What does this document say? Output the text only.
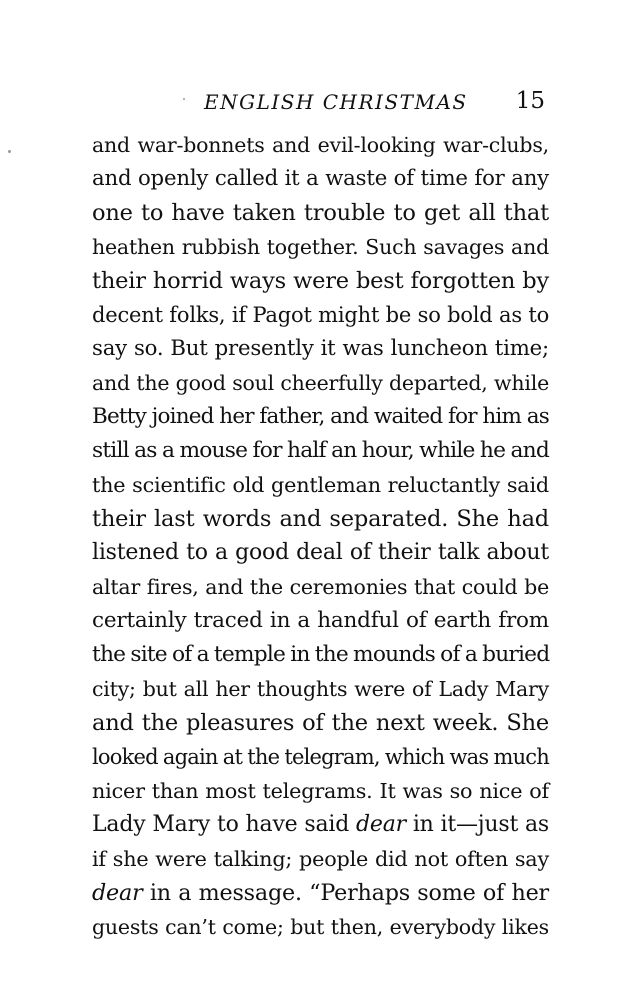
ENGLISH CHRISTMAS 15
and war-bonnets and evil-looking war-clubs,
and openly called it a waste of time for any
one to have taken trouble to get all that
heathen rubbish together. Such savages and
their horrid ways were best forgotten by
decent folks, if Pagot might be so bold as to
say so. But presently it was luncheon time;
and the good soul cheerfully departed, while
Betty joined her father, and waited for him as
still as a mouse for half an hour, while he and
the scientific old gentleman reluctantly said
their last words and separated. She had
listened to a good deal of their talk about
altar fires, and the ceremonies that could be
certainly traced in a handful of earth from
the site of a temple in the mounds of a buried
city; but all her thoughts were of Lady Mary
and the pleasures of the next week. She
looked again at the telegram, which was much
nicer than most telegrams. It was so nice of
Lady Mary to have said dear in it—just as
if she were talking; people did not often say
dear in a message. “Perhaps some of her
guests can’t come; but then, everybody likes
